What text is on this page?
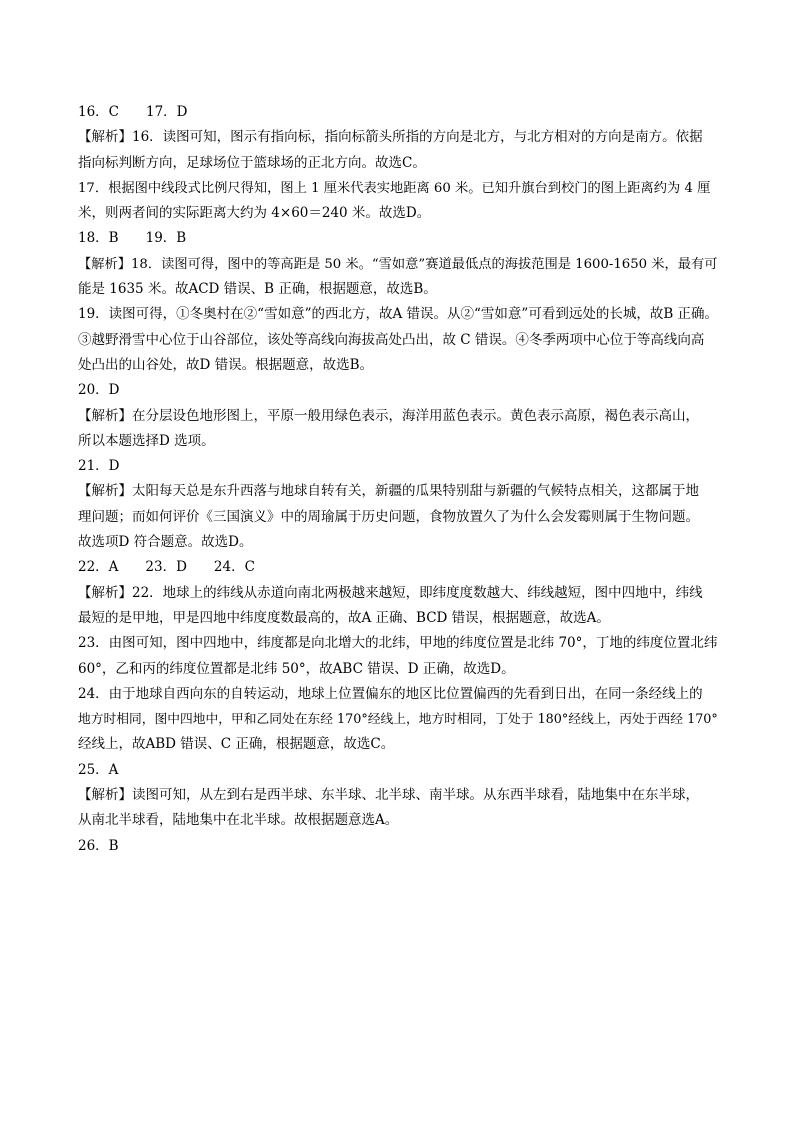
16．C　　17．D
【解析】16．读图可知，图示有指向标，指向标箭头所指的方向是北方，与北方相对的方向是南方。依据
指向标判断方向，足球场位于篮球场的正北方向。故选C。
17．根据图中线段式比例尺得知，图上 1 厘米代表实地距离 60 米。已知升旗台到校门的图上距离约为 4 厘
米，则两者间的实际距离大约为 4×60＝240 米。故选D。
18．B　　19．B
【解析】18．读图可得，图中的等高距是 50 米。“雪如意”赛道最低点的海拔范围是 1600-1650 米，最有可
能是 1635 米。故ACD 错误、B 正确，根据题意，故选B。
19．读图可得，①冬奥村在②“雪如意”的西北方，故A 错误。从②“雪如意”可看到远处的长城，故B 正确。
③越野滑雪中心位于山谷部位，该处等高线向海拔高处凸出，故 C 错误。④冬季两项中心位于等高线向高
处凸出的山谷处，故D 错误。根据题意，故选B。
20．D
【解析】在分层设色地形图上，平原一般用绿色表示，海洋用蓝色表示。黄色表示高原，褐色表示高山，
所以本题选择D 选项。
21．D
【解析】太阳每天总是东升西落与地球自转有关，新疆的瓜果特别甜与新疆的气候特点相关，这都属于地
理问题；而如何评价《三国演义》中的周瑜属于历史问题，食物放置久了为什么会发霉则属于生物问题。
故选项D 符合题意。故选D。
22．A　　23．D　　24．C
【解析】22．地球上的纬线从赤道向南北两极越来越短，即纬度度数越大、纬线越短，图中四地中，纬线
最短的是甲地，甲是四地中纬度度数最高的，故A 正确、BCD 错误，根据题意，故选A。
23．由图可知，图中四地中，纬度都是向北增大的北纬，甲地的纬度位置是北纬 70°，丁地的纬度位置北纬
60°，乙和丙的纬度位置都是北纬 50°，故ABC 错误、D 正确，故选D。
24．由于地球自西向东的自转运动，地球上位置偏东的地区比位置偏西的先看到日出，在同一条经线上的
地方时相同，图中四地中，甲和乙同处在东经 170°经线上，地方时相同，丁处于 180°经线上，丙处于西经 170°
经线上，故ABD 错误、C 正确，根据题意，故选C。
25．A
【解析】读图可知，从左到右是西半球、东半球、北半球、南半球。从东西半球看，陆地集中在东半球，
从南北半球看，陆地集中在北半球。故根据题意选A。
26．B
